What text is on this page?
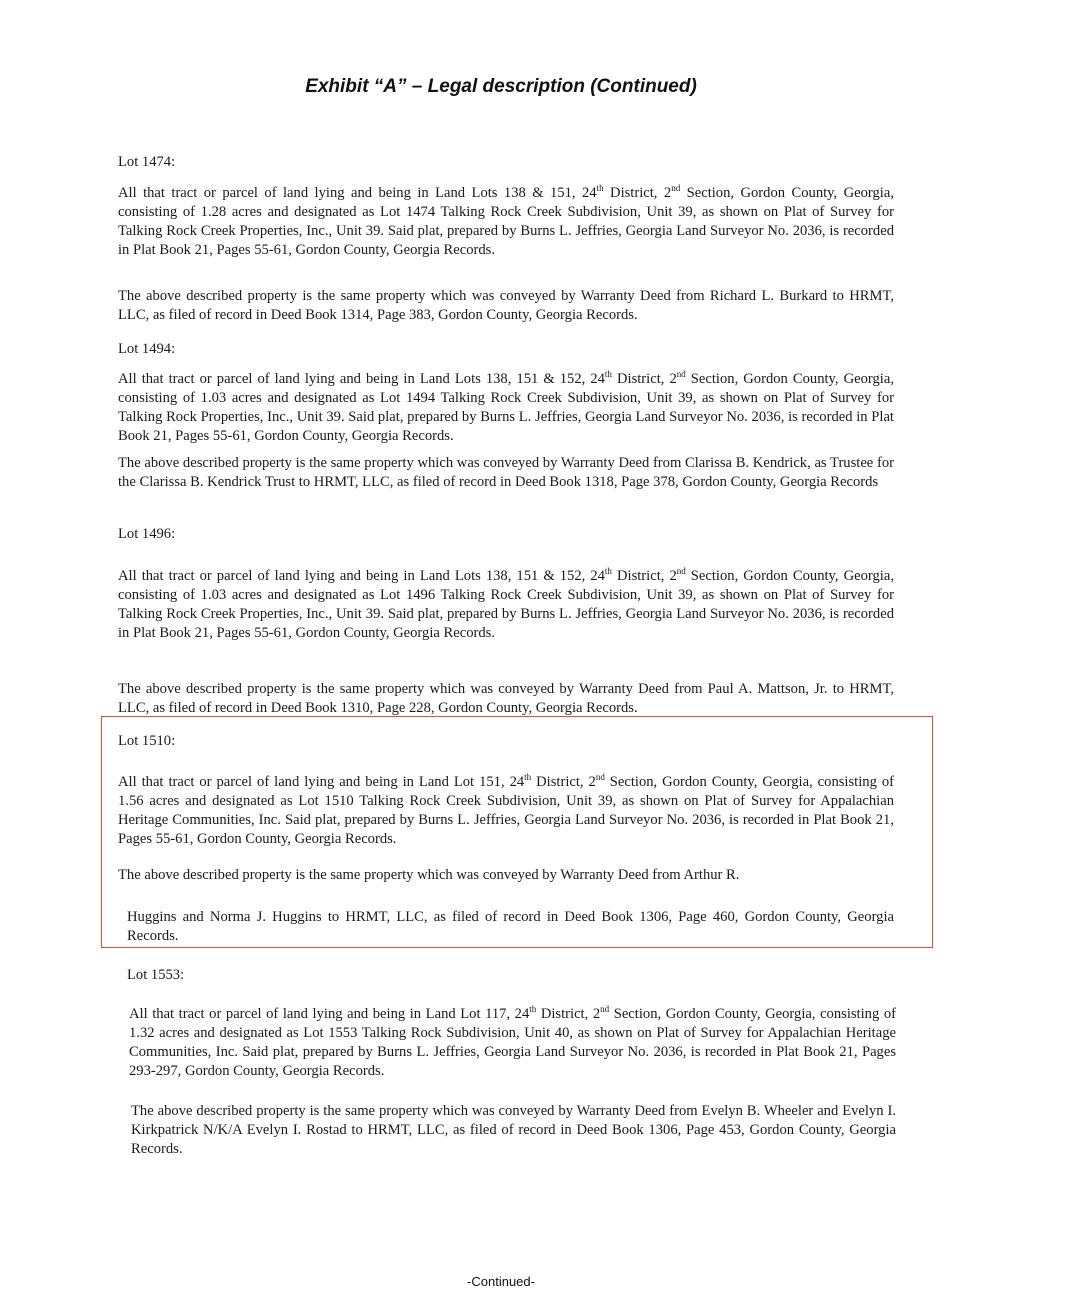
Exhibit “A” – Legal description (Continued)
Lot 1474:

All that tract or parcel of land lying and being in Land Lots 138 & 151, 24th District, 2nd Section, Gordon County, Georgia, consisting of 1.28 acres and designated as Lot 1474 Talking Rock Creek Subdivision, Unit 39, as shown on Plat of Survey for Talking Rock Creek Properties, Inc., Unit 39. Said plat, prepared by Burns L. Jeffries, Georgia Land Surveyor No. 2036, is recorded in Plat Book 21, Pages 55-61, Gordon County, Georgia Records.

The above described property is the same property which was conveyed by Warranty Deed from Richard L. Burkard to HRMT, LLC, as filed of record in Deed Book 1314, Page 383, Gordon County, Georgia Records.

Lot 1494:

All that tract or parcel of land lying and being in Land Lots 138, 151 & 152, 24th District, 2nd Section, Gordon County, Georgia, consisting of 1.03 acres and designated as Lot 1494 Talking Rock Creek Subdivision, Unit 39, as shown on Plat of Survey for Talking Rock Properties, Inc., Unit 39. Said plat, prepared by Burns L. Jeffries, Georgia Land Surveyor No. 2036, is recorded in Plat Book 21, Pages 55-61, Gordon County, Georgia Records.

The above described property is the same property which was conveyed by Warranty Deed from Clarissa B. Kendrick, as Trustee for the Clarissa B. Kendrick Trust to HRMT, LLC, as filed of record in Deed Book 1318, Page 378, Gordon County, Georgia Records

Lot 1496:

All that tract or parcel of land lying and being in Land Lots 138, 151 & 152, 24th District, 2nd Section, Gordon County, Georgia, consisting of 1.03 acres and designated as Lot 1496 Talking Rock Creek Subdivision, Unit 39, as shown on Plat of Survey for Talking Rock Creek Properties, Inc., Unit 39. Said plat, prepared by Burns L. Jeffries, Georgia Land Surveyor No. 2036, is recorded in Plat Book 21, Pages 55-61, Gordon County, Georgia Records.

The above described property is the same property which was conveyed by Warranty Deed from Paul A. Mattson, Jr. to HRMT, LLC, as filed of record in Deed Book 1310, Page 228, Gordon County, Georgia Records.

Lot 1510:

All that tract or parcel of land lying and being in Land Lot 151, 24th District, 2nd Section, Gordon County, Georgia, consisting of 1.56 acres and designated as Lot 1510 Talking Rock Creek Subdivision, Unit 39, as shown on Plat of Survey for Appalachian Heritage Communities, Inc. Said plat, prepared by Burns L. Jeffries, Georgia Land Surveyor No. 2036, is recorded in Plat Book 21, Pages 55-61, Gordon County, Georgia Records.

The above described property is the same property which was conveyed by Warranty Deed from Arthur R.

Huggins and Norma J. Huggins to HRMT, LLC, as filed of record in Deed Book 1306, Page 460, Gordon County, Georgia Records.

Lot 1553:

All that tract or parcel of land lying and being in Land Lot 117, 24th District, 2nd Section, Gordon County, Georgia, consisting of 1.32 acres and designated as Lot 1553 Talking Rock Subdivision, Unit 40, as shown on Plat of Survey for Appalachian Heritage Communities, Inc. Said plat, prepared by Burns L. Jeffries, Georgia Land Surveyor No. 2036, is recorded in Plat Book 21, Pages 293-297, Gordon County, Georgia Records.

The above described property is the same property which was conveyed by Warranty Deed from Evelyn B. Wheeler and Evelyn I. Kirkpatrick N/K/A Evelyn I. Rostad to HRMT, LLC, as filed of record in Deed Book 1306, Page 453, Gordon County, Georgia Records.

-Continued-
